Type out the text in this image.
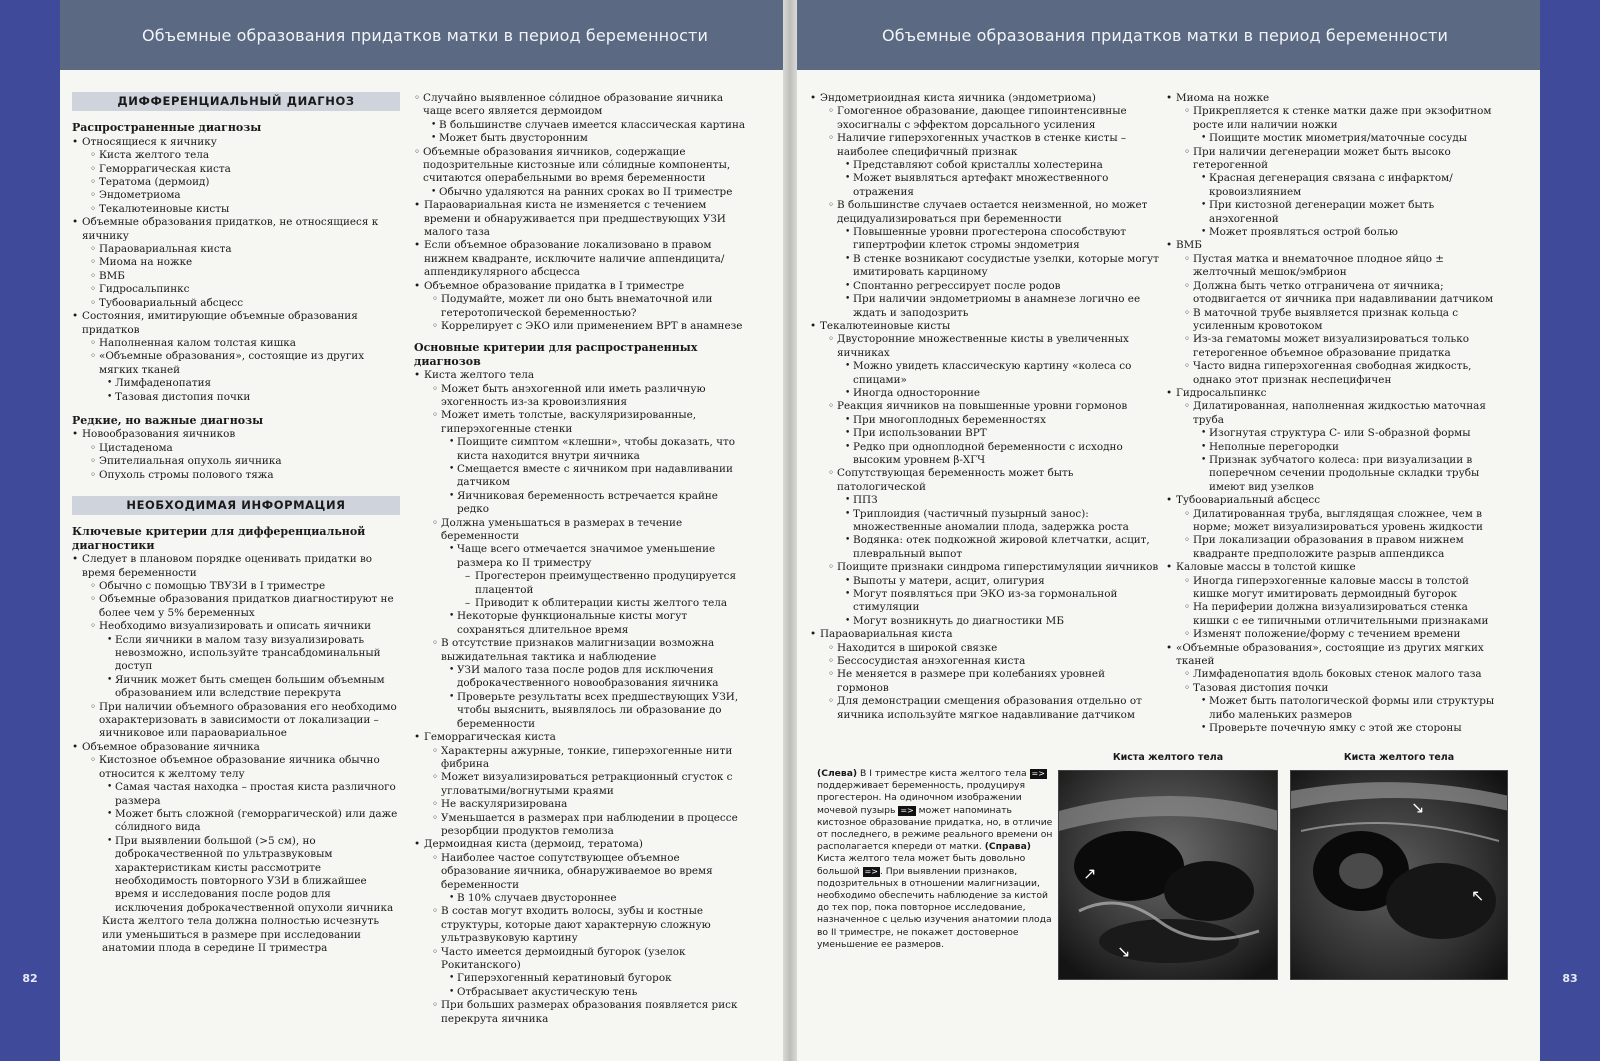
82
Объемные образования придатков матки в период беременности
ДИФФЕРЕНЦИАЛЬНЫЙ ДИАГНОЗ
Распространенные диагнозы
• Относящиеся к яичнику
◦ Киста желтого тела
◦ Геморрагическая киста
◦ Тератома (дермоид)
◦ Эндометриома
◦ Текалютеиновые кисты
• Объемные образования придатков, не относящиеся к яичнику
◦ Параовариальная киста
◦ Миома на ножке
◦ ВМБ
◦ Гидросальпинкс
◦ Тубоовариальный абсцесс
• Состояния, имитирующие объемные образования придатков
◦ Наполненная калом толстая кишка
◦ «Объемные образования», состоящие из других мягких тканей
• Лимфаденопатия
• Тазовая дистопия почки
Редкие, но важные диагнозы
• Новообразования яичников
◦ Цистаденома
◦ Эпителиальная опухоль яичника
◦ Опухоль стромы полового тяжа
НЕОБХОДИМАЯ ИНФОРМАЦИЯ
Ключевые критерии для дифференциальной диагностики
• Следует в плановом порядке оценивать придатки во время беременности
◦ Обычно с помощью ТВУЗИ в I триместре
◦ Объемные образования придатков диагностируют не более чем у 5% беременных
◦ Необходимо визуализировать и описать яичники
• Если яичники в малом тазу визуализировать невозможно, используйте трансабдоминальный доступ
• Яичник может быть смещен большим объемным образованием или вследствие перекрута
◦ При наличии объемного образования его необходимо охарактеризовать в зависимости от локализации – яичниковое или параовариальное
• Объемное образование яичника
◦ Кистозное объемное образование яичника обычно относится к желтому телу
• Самая частая находка – простая киста различного размера
• Может быть сложной (геморрагической) или даже сóлидного вида
• При выявлении большой (>5 см), но доброкачественной по ультразвуковым характеристикам кисты рассмотрите необходимость повторного УЗИ в ближайшее время и исследования после родов для исключения доброкачественной опухоли яичника
Киста желтого тела должна полностью исчезнуть или уменьшиться в размере при исследовании анатомии плода в середине II триместра
◦ Случайно выявленное сóлидное образование яичника чаще всего является дермоидом
• В большинстве случаев имеется классическая картина
• Может быть двусторонним
◦ Объемные образования яичников, содержащие подозрительные кистозные или сóлидные компоненты, считаются операбельными во время беременности
• Обычно удаляются на ранних сроках во II триместре
• Параовариальная киста не изменяется с течением времени и обнаруживается при предшествующих УЗИ малого таза
• Если объемное образование локализовано в правом нижнем квадранте, исключите наличие аппендицита/аппендикулярного абсцесса
• Объемное образование придатка в I триместре
◦ Подумайте, может ли оно быть внематочной или гетеротопической беременностью?
◦ Коррелирует с ЭКО или применением ВРТ в анамнезе
Основные критерии для распространенных диагнозов
• Киста желтого тела
◦ Может быть анэхогенной или иметь различную эхогенность из-за кровоизлияния
◦ Может иметь толстые, васкуляризированные, гиперэхогенные стенки
• Поищите симптом «клешни», чтобы доказать, что киста находится внутри яичника
• Смещается вместе с яичником при надавливании датчиком
• Яичниковая беременность встречается крайне редко
◦ Должна уменьшаться в размерах в течение беременности
• Чаще всего отмечается значимое уменьшение размера ко II триместру
– Прогестерон преимущественно продуцируется плацентой
– Приводит к облитерации кисты желтого тела
• Некоторые функциональные кисты могут сохраняться длительное время
◦ В отсутствие признаков малигнизации возможна выжидательная тактика и наблюдение
• УЗИ малого таза после родов для исключения доброкачественного новообразования яичника
• Проверьте результаты всех предшествующих УЗИ, чтобы выяснить, выявлялось ли образование до беременности
• Геморрагическая киста
◦ Характерны ажурные, тонкие, гиперэхогенные нити фибрина
◦ Может визуализироваться ретракционный сгусток с угловатыми/вогнутыми краями
◦ Не васкуляризирована
◦ Уменьшается в размерах при наблюдении в процессе резорбции продуктов гемолиза
• Дермоидная киста (дермоид, тератома)
◦ Наиболее частое сопутствующее объемное образование яичника, обнаруживаемое во время беременности
• В 10% случаев двустороннее
◦ В состав могут входить волосы, зубы и костные структуры, которые дают характерную сложную ультразвуковую картину
◦ Часто имеется дермоидный бугорок (узелок Рокитанского)
• Гиперэхогенный кератиновый бугорок
• Отбрасывает акустическую тень
◦ При больших размерах образования появляется риск перекрута яичника
83
Объемные образования придатков матки в период беременности
• Эндометриоидная киста яичника (эндометриома)
◦ Гомогенное образование, дающее гипоинтенсивные эхосигналы с эффектом дорсального усиления
◦ Наличие гиперэхогенных участков в стенке кисты – наиболее специфичный признак
• Представляют собой кристаллы холестерина
• Может выявляться артефакт множественного отражения
◦ В большинстве случаев остается неизменной, но может децидуализироваться при беременности
• Повышенные уровни прогестерона способствуют гипертрофии клеток стромы эндометрия
• В стенке возникают сосудистые узелки, которые могут имитировать карциному
• Спонтанно регрессирует после родов
• При наличии эндометриомы в анамнезе логично ее ждать и заподозрить
• Текалютеиновые кисты
◦ Двусторонние множественные кисты в увеличенных яичниках
• Можно увидеть классическую картину «колеса со спицами»
• Иногда односторонние
◦ Реакция яичников на повышенные уровни гормонов
• При многоплодных беременностях
• При использовании ВРТ
• Редко при одноплодной беременности с исходно высоким уровнем β-ХГЧ
◦ Сопутствующая беременность может быть патологической
• ППЗ
• Триплоидия (частичный пузырный занос): множественные аномалии плода, задержка роста
• Водянка: отек подкожной жировой клетчатки, асцит, плевральный выпот
◦ Поищите признаки синдрома гиперстимуляции яичников
• Выпоты у матери, асцит, олигурия
• Могут появляться при ЭКО из-за гормональной стимуляции
• Могут возникнуть до диагностики МБ
• Параовариальная киста
◦ Находится в широкой связке
◦ Бессосудистая анэхогенная киста
◦ Не меняется в размере при колебаниях уровней гормонов
◦ Для демонстрации смещения образования отдельно от яичника используйте мягкое надавливание датчиком
• Миома на ножке
◦ Прикрепляется к стенке матки даже при экзофитном росте или наличии ножки
• Поищите мостик миометрия/маточные сосуды
◦ При наличии дегенерации может быть высоко гетерогенной
• Красная дегенерация связана с инфарктом/кровоизлиянием
• При кистозной дегенерации может быть анэхогенной
• Может проявляться острой болью
• ВМБ
◦ Пустая матка и внематочное плодное яйцо ± желточный мешок/эмбрион
◦ Должна быть четко отграничена от яичника; отодвигается от яичника при надавливании датчиком
◦ В маточной трубе выявляется признак кольца с усиленным кровотоком
◦ Из-за гематомы может визуализироваться только гетерогенное объемное образование придатка
◦ Часто видна гиперэхогенная свободная жидкость, однако этот признак неспецифичен
• Гидросальпинкс
◦ Дилатированная, наполненная жидкостью маточная труба
• Изогнутая структура C- или S-образной формы
• Неполные перегородки
• Признак зубчатого колеса: при визуализации в поперечном сечении продольные складки трубы имеют вид узелков
• Тубоовариальный абсцесс
◦ Дилатированная труба, выглядящая сложнее, чем в норме; может визуализироваться уровень жидкости
◦ При локализации образования в правом нижнем квадранте предположите разрыв аппендикса
• Каловые массы в толстой кишке
◦ Иногда гиперэхогенные каловые массы в толстой кишке могут имитировать дермоидный бугорок
◦ На периферии должна визуализироваться стенка кишки с ее типичными отличительными признаками
◦ Изменят положение/форму с течением времени
• «Объемные образования», состоящие из других мягких тканей
◦ Лимфаденопатия вдоль боковых стенок малого таза
◦ Тазовая дистопия почки
• Может быть патологической формы или структуры либо маленьких размеров
• Проверьте почечную ямку с этой же стороны
(Слева) В I триместре киста желтого тела => поддерживает беременность, продуцируя прогестерон. На одиночном изображении мочевой пузырь => может напоминать кистозное образование придатка, но, в отличие от последнего, в режиме реального времени он располагается кпереди от матки. (Справа) Киста желтого тела может быть довольно большой => . При выявлении признаков, подозрительных в отношении малигнизации, необходимо обеспечить наблюдение за кистой до тех пор, пока повторное исследование, назначенное с целью изучения анатомии плода во II триместре, не покажет достоверное уменьшение ее размеров.
Киста желтого тела
↗
↘
Киста желтого тела
↘
↖
